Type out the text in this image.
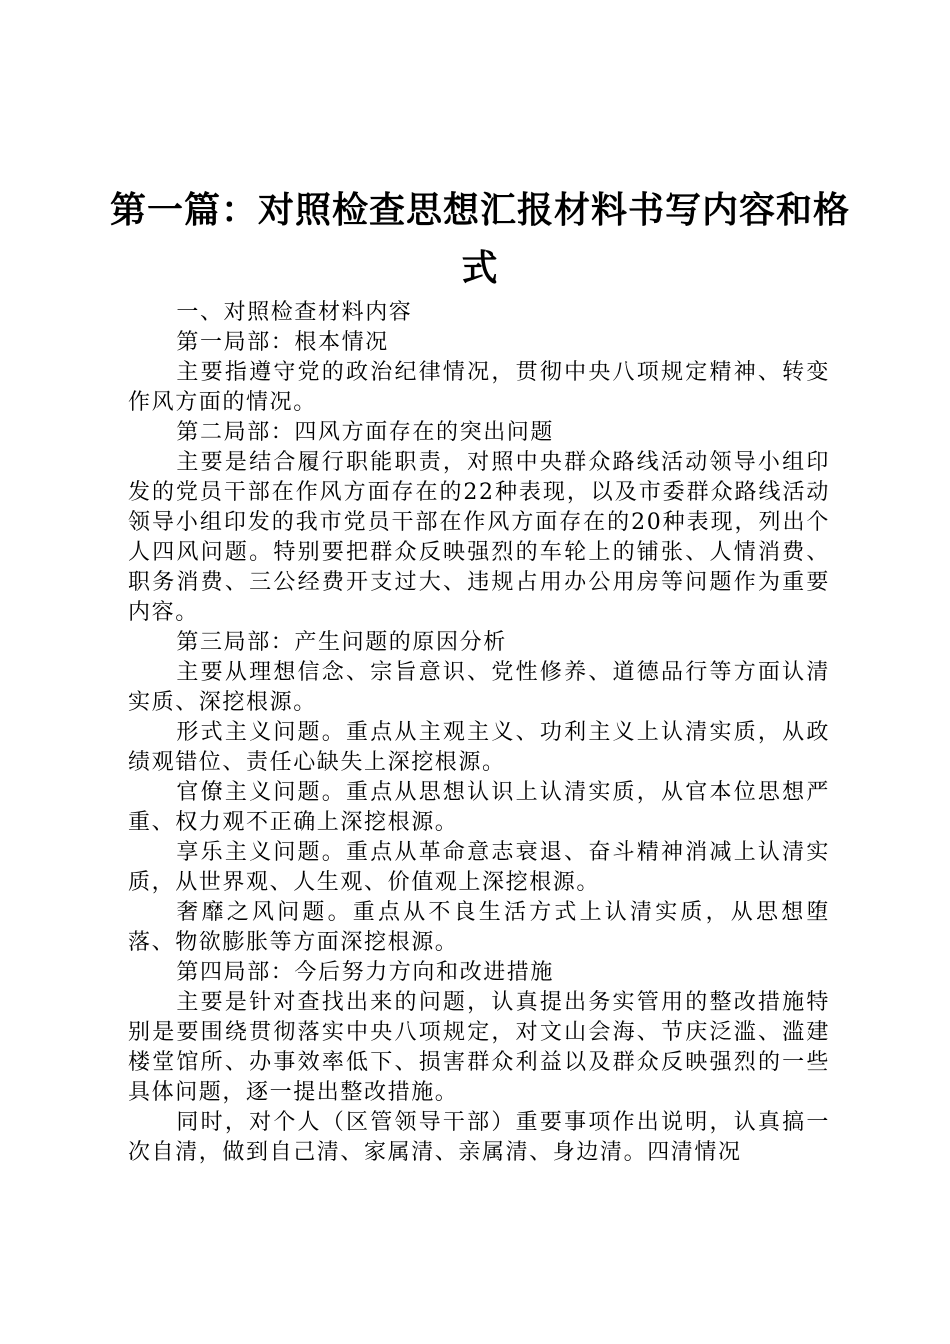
第一篇：对照检查思想汇报材料书写内容和格式

一、对照检查材料内容

第一局部：根本情况

主要指遵守党的政治纪律情况，贯彻中央八项规定精神、转变作风方面的情况。

第二局部：四风方面存在的突出问题

主要是结合履行职能职责，对照中央群众路线活动领导小组印发的党员干部在作风方面存在的22种表现，以及市委群众路线活动领导小组印发的我市党员干部在作风方面存在的20种表现，列出个人四风问题。特别要把群众反映强烈的车轮上的铺张、人情消费、职务消费、三公经费开支过大、违规占用办公用房等问题作为重要内容。

第三局部：产生问题的原因分析

主要从理想信念、宗旨意识、党性修养、道德品行等方面认清实质、深挖根源。

形式主义问题。重点从主观主义、功利主义上认清实质，从政绩观错位、责任心缺失上深挖根源。

官僚主义问题。重点从思想认识上认清实质，从官本位思想严重、权力观不正确上深挖根源。

享乐主义问题。重点从革命意志衰退、奋斗精神消减上认清实质，从世界观、人生观、价值观上深挖根源。

奢靡之风问题。重点从不良生活方式上认清实质，从思想堕落、物欲膨胀等方面深挖根源。

第四局部：今后努力方向和改进措施

主要是针对查找出来的问题，认真提出务实管用的整改措施特别是要围绕贯彻落实中央八项规定，对文山会海、节庆泛滥、滥建楼堂馆所、办事效率低下、损害群众利益以及群众反映强烈的一些具体问题，逐一提出整改措施。

同时，对个人（区管领导干部）重要事项作出说明，认真搞一次自清，做到自己清、家属清、亲属清、身边清。四清情况
